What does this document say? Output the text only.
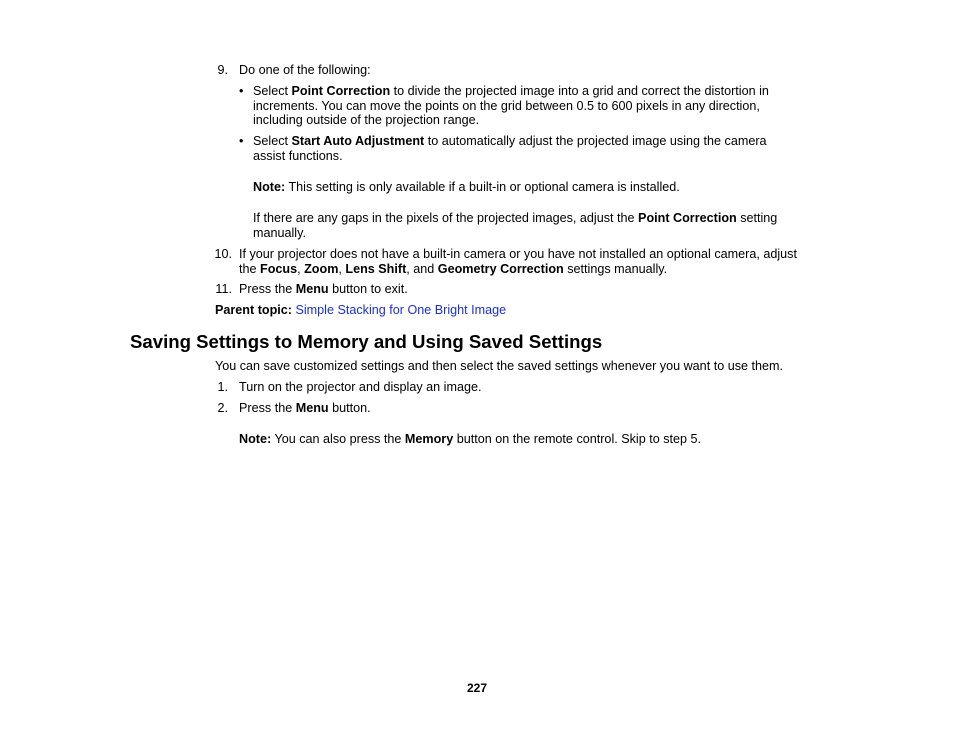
9. Do one of the following:
• Select Point Correction to divide the projected image into a grid and correct the distortion in
increments. You can move the points on the grid between 0.5 to 600 pixels in any direction,
including outside of the projection range.
• Select Start Auto Adjustment to automatically adjust the projected image using the camera
assist functions.
Note: This setting is only available if a built-in or optional camera is installed.
If there are any gaps in the pixels of the projected images, adjust the Point Correction setting
manually.
10. If your projector does not have a built-in camera or you have not installed an optional camera, adjust
the Focus, Zoom, Lens Shift, and Geometry Correction settings manually.
11. Press the Menu button to exit.
Parent topic: Simple Stacking for One Bright Image
Saving Settings to Memory and Using Saved Settings
You can save customized settings and then select the saved settings whenever you want to use them.
1. Turn on the projector and display an image.
2. Press the Menu button.
Note: You can also press the Memory button on the remote control. Skip to step 5.
227
